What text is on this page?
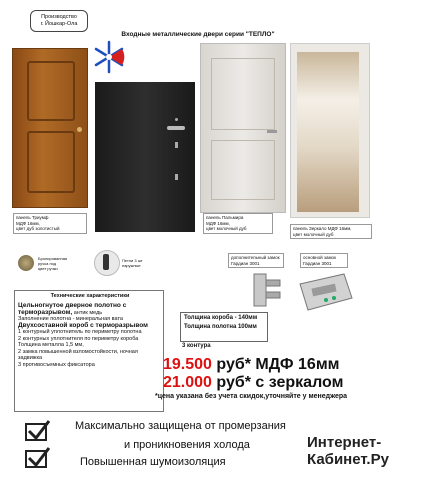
Производство
г. Йошкар-Ола
Входные металлические двери серии "ТЕПЛО"
панель Триумф
МДФ 16мм,
цвет дуб золотистый
панель Пальмира
МДФ 16мм,
цвет молочный дуб	панель Зеркало МДФ 16мм,
цвет молочный дуб
Бронированная
ручка под
цвет ручки
Петли 3 шт
наружные
дополнительный замок
Гардиан 3001
основной замок
Гардиан 3001
Технические характеристики
Цельногнутое дверное полотно с терморазрывом, антик медь
Заполнение полотна - минеральная вата
Двухсоставной короб с терморазрывом
1 контурный уплотнитель по периметру полотна
2 контурных уплотнителя по периметру короба
Толщина металла 1,5 мм,
2 замка повышенной взломостойкости, ночная задвижка
3 противосъемных фиксатора
Толщина короба - 140мм
Толщина полотна 100мм
3 контура
19.500 руб* МДФ 16мм
21.000 руб* с зеркалом
*цена указана без учета скидок,уточняйте у менеджера
Максимально защищена от промерзания
и проникновения холода
Повышенная шумоизоляция
Интернет-
Кабинет.Ру
